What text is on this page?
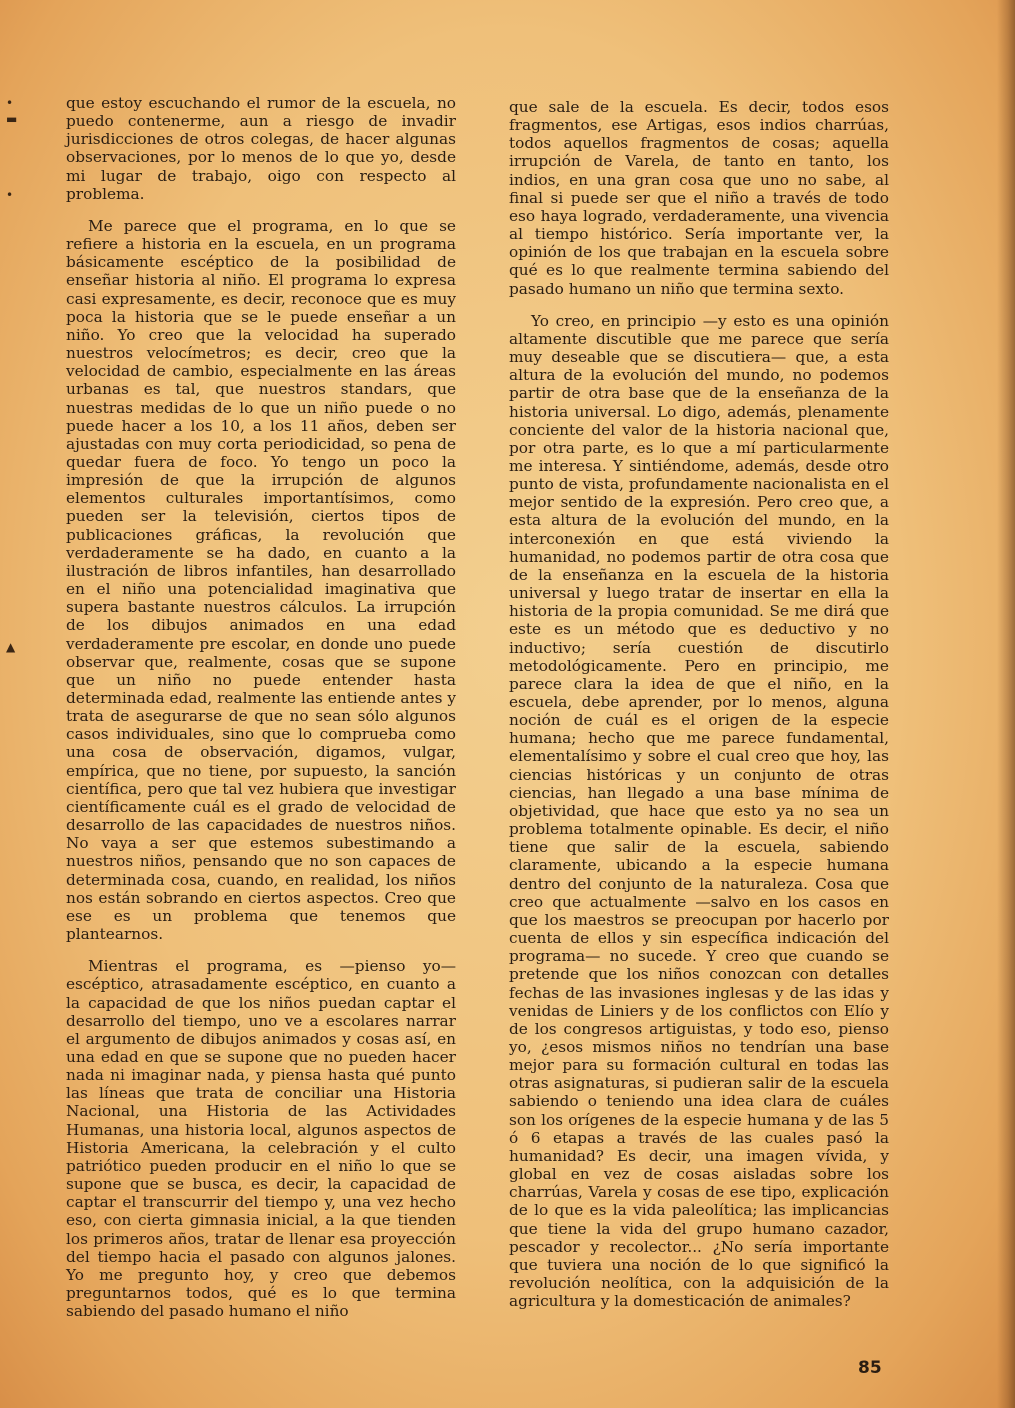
•
▬
•
▲

que estoy escuchando el rumor de la escuela, no puedo contenerme, aun a riesgo de invadir jurisdicciones de otros colegas, de hacer algunas observaciones, por lo menos de lo que yo, desde mi lugar de trabajo, oigo con respecto al problema.

Me parece que el programa, en lo que se refiere a historia en la escuela, en un programa básicamente escéptico de la posibilidad de enseñar historia al niño. El programa lo expresa casi expresamente, es decir, reconoce que es muy poca la historia que se le puede enseñar a un niño. Yo creo que la velocidad ha superado nuestros velocímetros; es decir, creo que la velocidad de cambio, especialmente en las áreas urbanas es tal, que nuestros standars, que nuestras medidas de lo que un niño puede o no puede hacer a los 10, a los 11 años, deben ser ajustadas con muy corta periodicidad, so pena de quedar fuera de foco. Yo tengo un poco la impresión de que la irrupción de algunos elementos culturales importantísimos, como pueden ser la televisión, ciertos tipos de publicaciones gráficas, la revolución que verdaderamente se ha dado, en cuanto a la ilustración de libros infantiles, han desarrollado en el niño una potencialidad imaginativa que supera bastante nuestros cálculos. La irrupción de los dibujos animados en una edad verdaderamente pre escolar, en donde uno puede observar que, realmente, cosas que se supone que un niño no puede entender hasta determinada edad, realmente las entiende antes y trata de asegurarse de que no sean sólo algunos casos individuales, sino que lo comprueba como una cosa de observación, digamos, vulgar, empírica, que no tiene, por supuesto, la sanción científica, pero que tal vez hubiera que investigar científicamente cuál es el grado de velocidad de desarrollo de las capacidades de nuestros niños. No vaya a ser que estemos subestimando a nuestros niños, pensando que no son capaces de determinada cosa, cuando, en realidad, los niños nos están sobrando en ciertos aspectos. Creo que ese es un problema que tenemos que plantearnos.

Mientras el programa, es —pienso yo— escéptico, atrasadamente escéptico, en cuanto a la capacidad de que los niños puedan captar el desarrollo del tiempo, uno ve a escolares narrar el argumento de dibujos animados y cosas así, en una edad en que se supone que no pueden hacer nada ni imaginar nada, y piensa hasta qué punto las líneas que trata de conciliar una Historia Nacional, una Historia de las Actividades Humanas, una historia local, algunos aspectos de Historia Americana, la celebración y el culto patriótico pueden producir en el niño lo que se supone que se busca, es decir, la capacidad de captar el transcurrir del tiempo y, una vez hecho eso, con cierta gimnasia inicial, a la que tienden los primeros años, tratar de llenar esa proyección del tiempo hacia el pasado con algunos jalones. Yo me pregunto hoy, y creo que debemos preguntarnos todos, qué es lo que termina sabiendo del pasado humano el niño

que sale de la escuela. Es decir, todos esos fragmentos, ese Artigas, esos indios charrúas, todos aquellos fragmentos de cosas; aquella irrupción de Varela, de tanto en tanto, los indios, en una gran cosa que uno no sabe, al final si puede ser que el niño a través de todo eso haya logrado, verdaderamente, una vivencia al tiempo histórico. Sería importante ver, la opinión de los que trabajan en la escuela sobre qué es lo que realmente termina sabiendo del pasado humano un niño que termina sexto.

Yo creo, en principio —y esto es una opinión altamente discutible que me parece que sería muy deseable que se discutiera— que, a esta altura de la evolución del mundo, no podemos partir de otra base que de la enseñanza de la historia universal. Lo digo, además, plenamente conciente del valor de la historia nacional que, por otra parte, es lo que a mí particularmente me interesa. Y sintiéndome, además, desde otro punto de vista, profundamente nacionalista en el mejor sentido de la expresión. Pero creo que, a esta altura de la evolución del mundo, en la interconexión en que está viviendo la humanidad, no podemos partir de otra cosa que de la enseñanza en la escuela de la historia universal y luego tratar de insertar en ella la historia de la propia comunidad. Se me dirá que este es un método que es deductivo y no inductivo; sería cuestión de discutirlo metodológicamente. Pero en principio, me parece clara la idea de que el niño, en la escuela, debe aprender, por lo menos, alguna noción de cuál es el origen de la especie humana; hecho que me parece fundamental, elementalísimo y sobre el cual creo que hoy, las ciencias históricas y un conjunto de otras ciencias, han llegado a una base mínima de objetividad, que hace que esto ya no sea un problema totalmente opinable. Es decir, el niño tiene que salir de la escuela, sabiendo claramente, ubicando a la especie humana dentro del conjunto de la naturaleza. Cosa que creo que actualmente —salvo en los casos en que los maestros se preocupan por hacerlo por cuenta de ellos y sin específica indicación del programa— no sucede. Y creo que cuando se pretende que los niños conozcan con detalles fechas de las invasiones inglesas y de las idas y venidas de Liniers y de los conflictos con Elío y de los congresos artiguistas, y todo eso, pienso yo, ¿esos mismos niños no tendrían una base mejor para su formación cultural en todas las otras asignaturas, si pudieran salir de la escuela sabiendo o teniendo una idea clara de cuáles son los orígenes de la especie humana y de las 5 ó 6 etapas a través de las cuales pasó la humanidad? Es decir, una imagen vívida, y global en vez de cosas aisladas sobre los charrúas, Varela y cosas de ese tipo, explicación de lo que es la vida paleolítica; las implicancias que tiene la vida del grupo humano cazador, pescador y recolector... ¿No sería importante que tuviera una noción de lo que significó la revolución neolítica, con la adquisición de la agricultura y la domesticación de animales?

85
